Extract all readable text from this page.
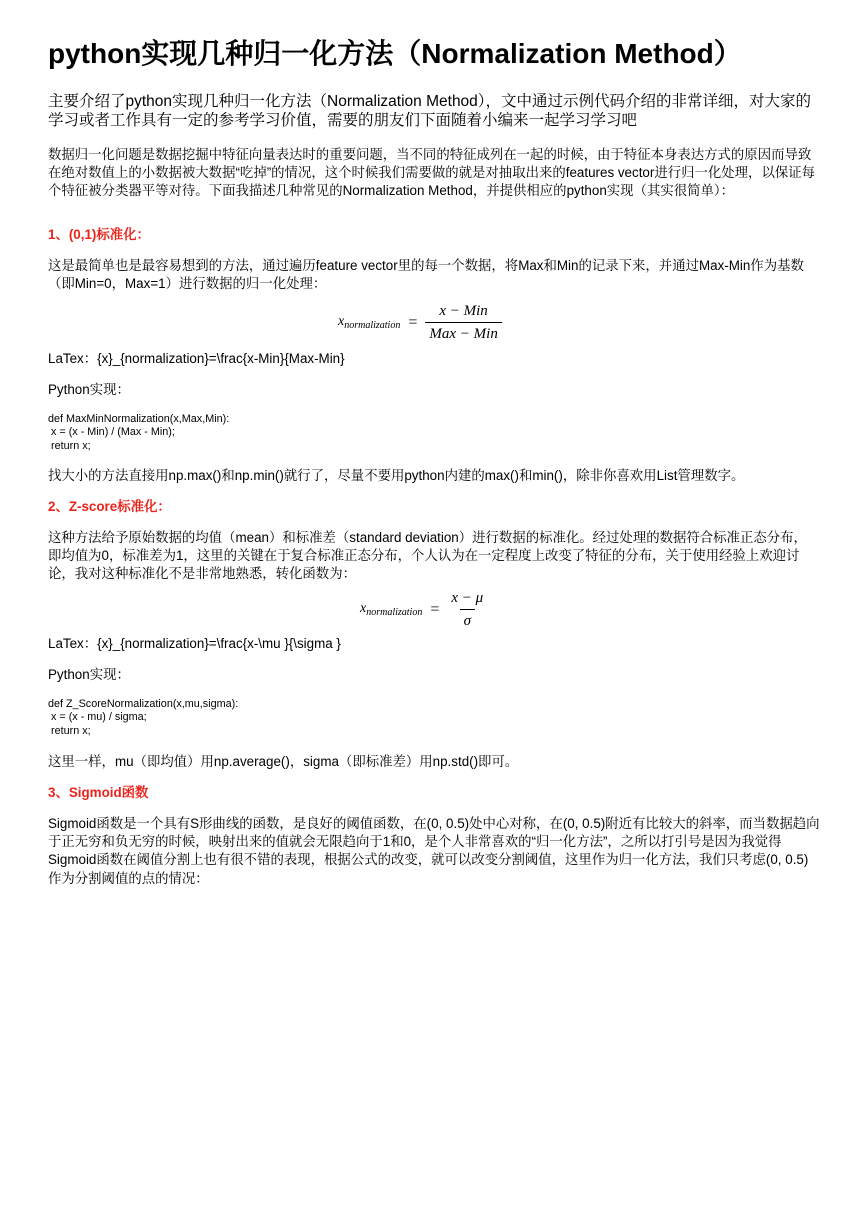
python实现几种归一化方法（Normalization Method）

主要介绍了python实现几种归一化方法（Normalization Method），文中通过示例代码介绍的非常详细，对大家的学习或者工作具有一定的参考学习价值，需要的朋友们下面随着小编来一起学习学习吧

数据归一化问题是数据挖掘中特征向量表达时的重要问题，当不同的特征成列在一起的时候，由于特征本身表达方式的原因而导致在绝对数值上的小数据被大数据“吃掉”的情况，这个时候我们需要做的就是对抽取出来的features vector进行归一化处理，以保证每个特征被分类器平等对待。下面我描述几种常见的Normalization Method，并提供相应的python实现（其实很简单）：

1、(0,1)标准化：

这是最简单也是最容易想到的方法，通过遍历feature vector里的每一个数据，将Max和Min的记录下来，并通过Max-Min作为基数（即Min=0，Max=1）进行数据的归一化处理：

$x_{normalization} = \frac{\text{x − Min}}{\text{Max − Min}}$

LaTex：{x}_{normalization}=\frac{x-Min}{Max-Min}

Python实现：

def MaxMinNormalization(x,Max,Min):
x = (x - Min) / (Max - Min);
return x;

找大小的方法直接用np.max()和np.min()就行了，尽量不要用python内建的max()和min()，除非你喜欢用List管理数字。

2、Z-score标准化：

这种方法给予原始数据的均值（mean）和标准差（standard deviation）进行数据的标准化。经过处理的数据符合标准正态分布，即均值为0，标准差为1，这里的关键在于复合标准正态分布，个人认为在一定程度上改变了特征的分布，关于使用经验上欢迎讨论，我对这种标准化不是非常地熟悉，转化函数为：

$x_{normalization} = \frac{x - \mu}{\sigma}$

LaTex：{x}_{normalization}=\frac{x-\mu }{\sigma }

Python实现：

def Z_ScoreNormalization(x,mu,sigma):
x = (x - mu) / sigma;
return x;

这里一样，mu（即均值）用np.average()，sigma（即标准差）用np.std()即可。

3、Sigmoid函数

Sigmoid函数是一个具有S形曲线的函数，是良好的阈值函数，在(0, 0.5)处中心对称，在(0, 0.5)附近有比较大的斜率，而当数据趋向于正无穷和负无穷的时候，映射出来的值就会无限趋向于1和0，是个人非常喜欢的“归一化方法”，之所以打引号是因为我觉得Sigmoid函数在阈值分割上也有很不错的表现，根据公式的改变，就可以改变分割阈值，这里作为归一化方法，我们只考虑(0, 0.5)作为分割阈值的点的情况：
